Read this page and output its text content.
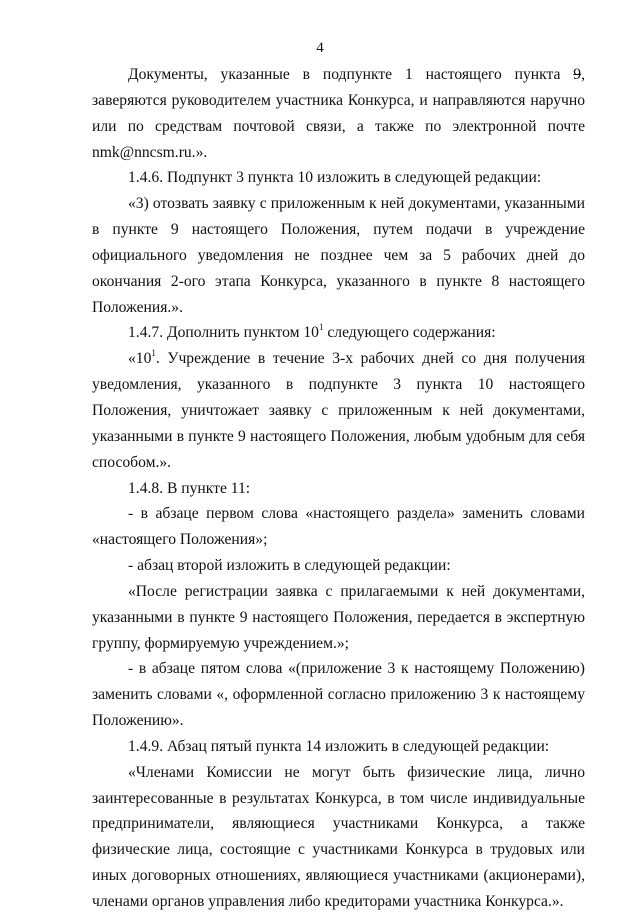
4

Документы, указанные в подпункте 1 настоящего пункта 9, заверяются руководителем участника Конкурса, и направляются наручно или по средствам почтовой связи, а также по электронной почте nmk@nncsm.ru.».

1.4.6. Подпункт 3 пункта 10 изложить в следующей редакции:

«3) отозвать заявку с приложенным к ней документами, указанными в пункте 9 настоящего Положения, путем подачи в учреждение официального уведомления не позднее чем за 5 рабочих дней до окончания 2-ого этапа Конкурса, указанного в пункте 8 настоящего Положения.».

1.4.7. Дополнить пунктом $10^1$ следующего содержания:

«$10^1$. Учреждение в течение 3-х рабочих дней со дня получения уведомления, указанного в подпункте 3 пункта 10 настоящего Положения, уничтожает заявку с приложенным к ней документами, указанными в пункте 9 настоящего Положения, любым удобным для себя способом.».

1.4.8. В пункте 11:

- в абзаце первом слова «настоящего раздела» заменить словами «настоящего Положения»;

- абзац второй изложить в следующей редакции:

«После регистрации заявка с прилагаемыми к ней документами, указанными в пункте 9 настоящего Положения, передается в экспертную группу, формируемую учреждением.»;

- в абзаце пятом слова «(приложение 3 к настоящему Положению) заменить словами «, оформленной согласно приложению 3 к настоящему Положению».

1.4.9. Абзац пятый пункта 14 изложить в следующей редакции:

«Членами Комиссии не могут быть физические лица, лично заинтересованные в результатах Конкурса, в том числе индивидуальные предприниматели, являющиеся участниками Конкурса, а также физические лица, состоящие с участниками Конкурса в трудовых или иных договорных отношениях, являющиеся участниками (акционерами), членами органов управления либо кредиторами участника Конкурса.».
